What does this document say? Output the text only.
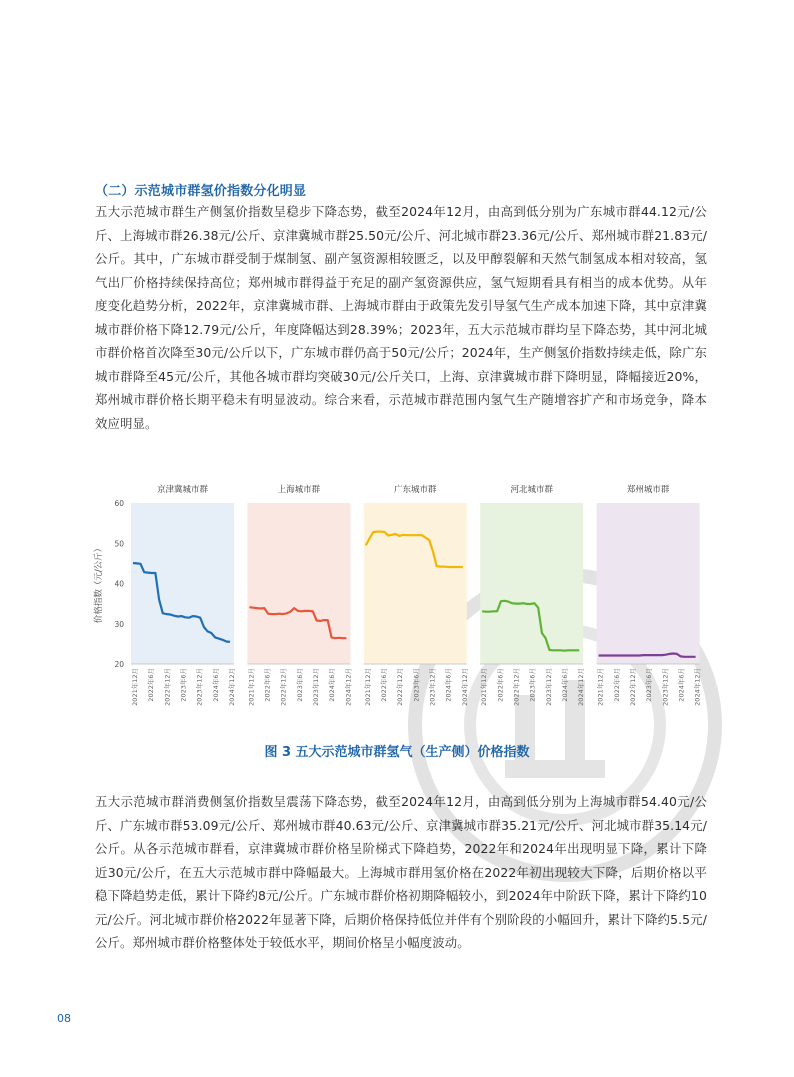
（二）示范城市群氢价指数分化明显
五大示范城市群生产侧氢价指数呈稳步下降态势，截至2024年12月，由高到低分别为广东城市群44.12元/公斤、上海城市群26.38元/公斤、京津冀城市群25.50元/公斤、河北城市群23.36元/公斤、郑州城市群21.83元/公斤。其中，广东城市群受制于煤制氢、副产氢资源相较匮乏，以及甲醇裂解和天然气制氢成本相对较高，氢气出厂价格持续保持高位；郑州城市群得益于充足的副产氢资源供应，氢气短期看具有相当的成本优势。从年度变化趋势分析，2022年，京津冀城市群、上海城市群由于政策先发引导氢气生产成本加速下降，其中京津冀城市群价格下降12.79元/公斤，年度降幅达到28.39%；2023年，五大示范城市群均呈下降态势，其中河北城市群价格首次降至30元/公斤以下，广东城市群仍高于50元/公斤；2024年，生产侧氢价指数持续走低，除广东城市群降至45元/公斤，其他各城市群均突破30元/公斤关口，上海、京津冀城市群下降明显，降幅接近20%，郑州城市群价格长期平稳未有明显波动。综合来看，示范城市群范围内氢气生产随增容扩产和市场竞争，降本效应明显。
价格指数（元/公斤）
20
30
40
50
60
京津冀城市群
2021年12月 2022年6月 2022年12月 2023年6月 2023年12月 2024年6月 2024年12月
上海城市群
2021年12月 2022年6月 2022年12月 2023年6月 2023年12月 2024年6月 2024年12月
广东城市群
2021年12月 2022年6月 2022年12月 2023年6月 2023年12月 2024年6月 2024年12月
河北城市群
2021年12月 2022年6月 2022年12月 2023年6月 2023年12月 2024年6月 2024年12月
郑州城市群
2021年12月 2022年6月 2022年12月 2023年6月 2023年12月 2024年6月 2024年12月
图 3 五大示范城市群氢气（生产侧）价格指数
五大示范城市群消费侧氢价指数呈震荡下降态势，截至2024年12月，由高到低分别为上海城市群54.40元/公斤、广东城市群53.09元/公斤、郑州城市群40.63元/公斤、京津冀城市群35.21元/公斤、河北城市群35.14元/公斤。从各示范城市群看，京津冀城市群价格呈阶梯式下降趋势，2022年和2024年出现明显下降，累计下降近30元/公斤，在五大示范城市群中降幅最大。上海城市群用氢价格在2022年初出现较大下降，后期价格以平稳下降趋势走低，累计下降约8元/公斤。广东城市群价格初期降幅较小，到2024年中阶跃下降，累计下降约10元/公斤。河北城市群价格2022年显著下降，后期价格保持低位并伴有个别阶段的小幅回升，累计下降约5.5元/公斤。郑州城市群价格整体处于较低水平，期间价格呈小幅度波动。
08
